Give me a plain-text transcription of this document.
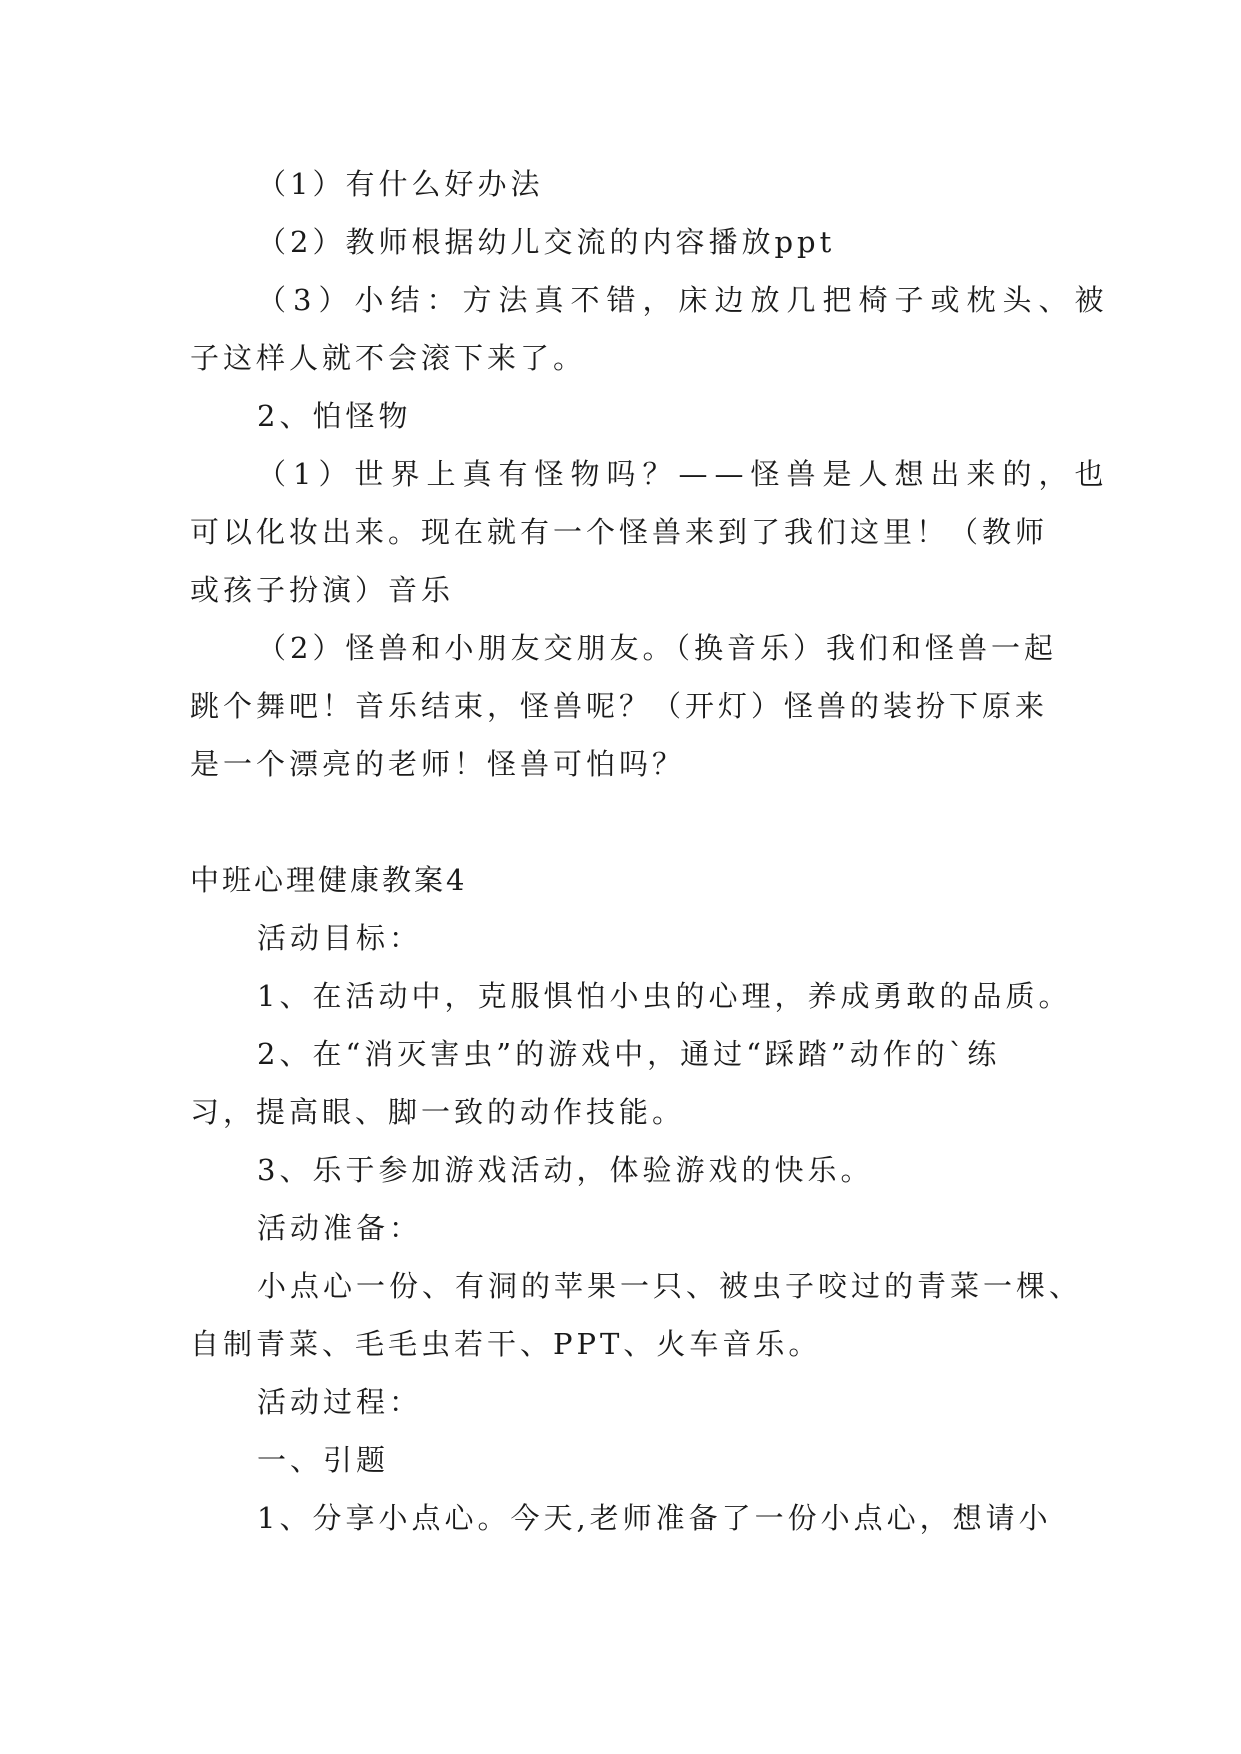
（1）有什么好办法
（2）教师根据幼儿交流的内容播放ppt
（3）小结：方法真不错，床边放几把椅子或枕头、被
子这样人就不会滚下来了。
2、怕怪物
（1）世界上真有怪物吗？——怪兽是人想出来的，也
可以化妆出来。现在就有一个怪兽来到了我们这里！（教师
或孩子扮演）音乐
（2）怪兽和小朋友交朋友。（换音乐）我们和怪兽一起
跳个舞吧！音乐结束，怪兽呢？（开灯）怪兽的装扮下原来
是一个漂亮的老师！怪兽可怕吗？
中班心理健康教案4
活动目标：
1、在活动中，克服惧怕小虫的心理，养成勇敢的品质。
2、在“消灭害虫”的游戏中，通过“踩踏”动作的`练
习，提高眼、脚一致的动作技能。
3、乐于参加游戏活动，体验游戏的快乐。
活动准备：
小点心一份、有洞的苹果一只、被虫子咬过的青菜一棵、
自制青菜、毛毛虫若干、PPT、火车音乐。
活动过程：
一、引题
1、分享小点心。今天,老师准备了一份小点心，想请小
